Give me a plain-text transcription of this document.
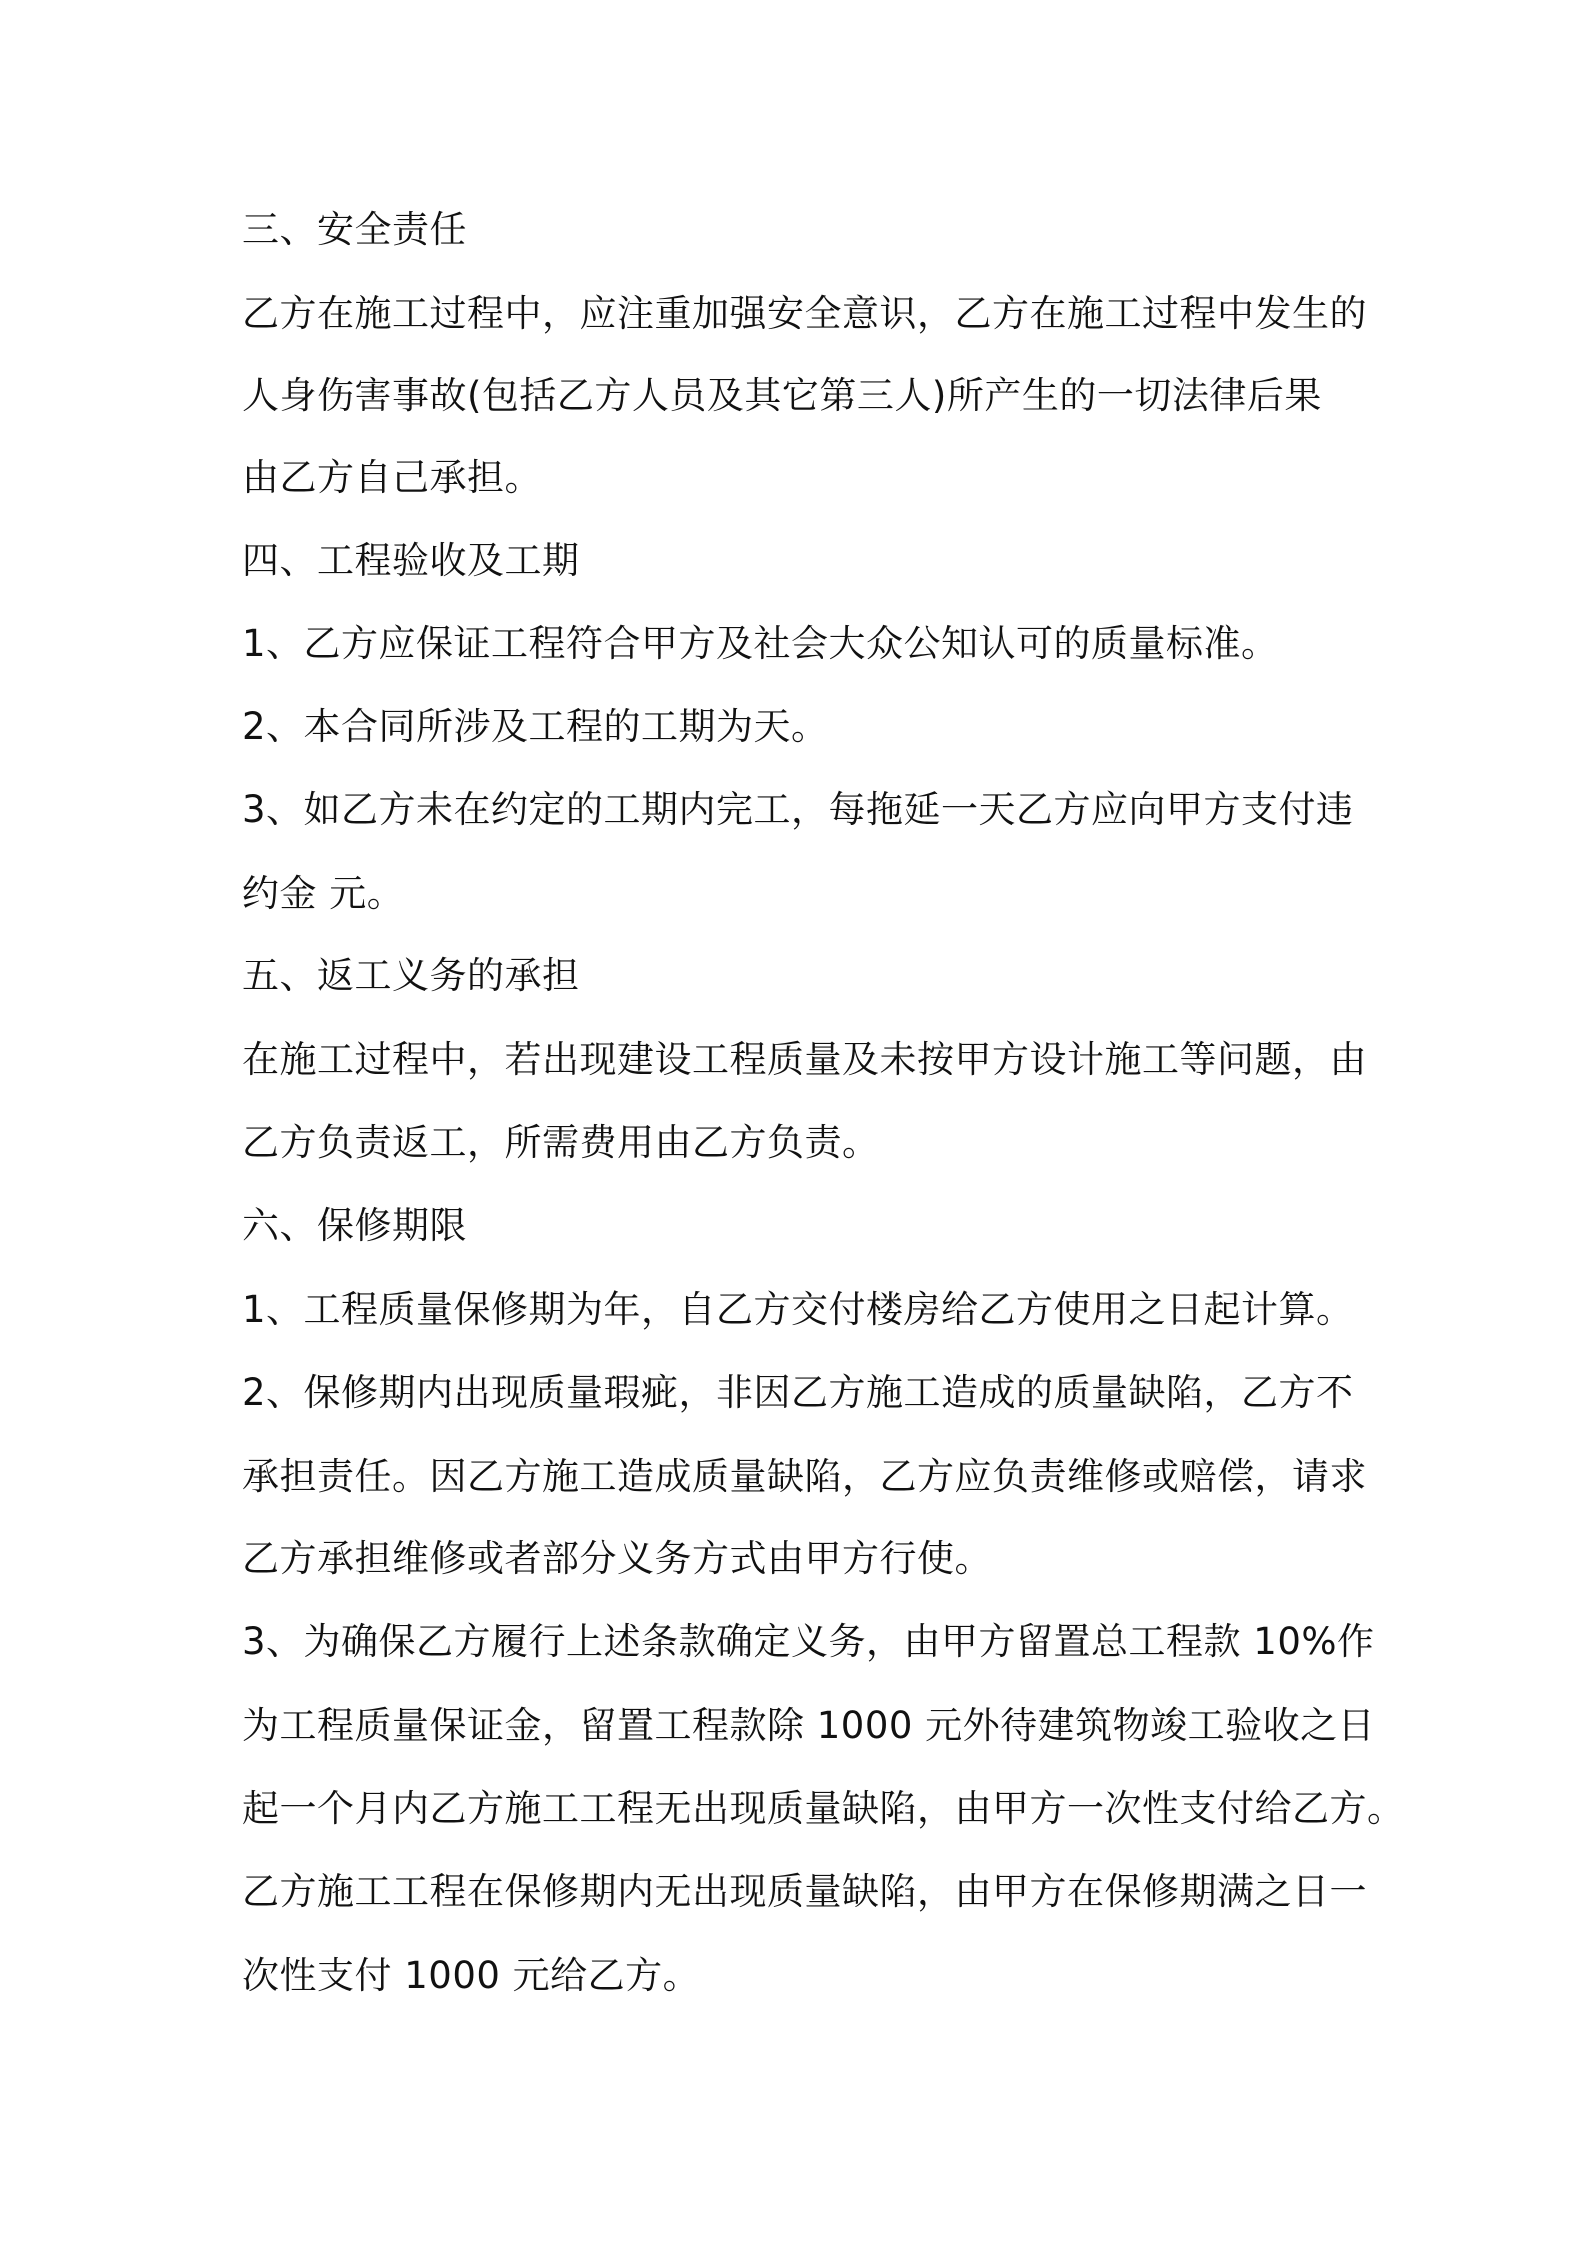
三、安全责任
乙方在施工过程中，应注重加强安全意识，乙方在施工过程中发生的
人身伤害事故(包括乙方人员及其它第三人)所产生的一切法律后果
由乙方自己承担。
四、工程验收及工期
1、乙方应保证工程符合甲方及社会大众公知认可的质量标准。
2、本合同所涉及工程的工期为天。
3、如乙方未在约定的工期内完工，每拖延一天乙方应向甲方支付违
约金 元。
五、返工义务的承担
在施工过程中，若出现建设工程质量及未按甲方设计施工等问题，由
乙方负责返工，所需费用由乙方负责。
六、保修期限
1、工程质量保修期为年，自乙方交付楼房给乙方使用之日起计算。
2、保修期内出现质量瑕疵，非因乙方施工造成的质量缺陷，乙方不
承担责任。因乙方施工造成质量缺陷，乙方应负责维修或赔偿，请求
乙方承担维修或者部分义务方式由甲方行使。
3、为确保乙方履行上述条款确定义务，由甲方留置总工程款 10%作
为工程质量保证金，留置工程款除 1000 元外待建筑物竣工验收之日
起一个月内乙方施工工程无出现质量缺陷，由甲方一次性支付给乙方。
乙方施工工程在保修期内无出现质量缺陷，由甲方在保修期满之日一
次性支付 1000 元给乙方。
